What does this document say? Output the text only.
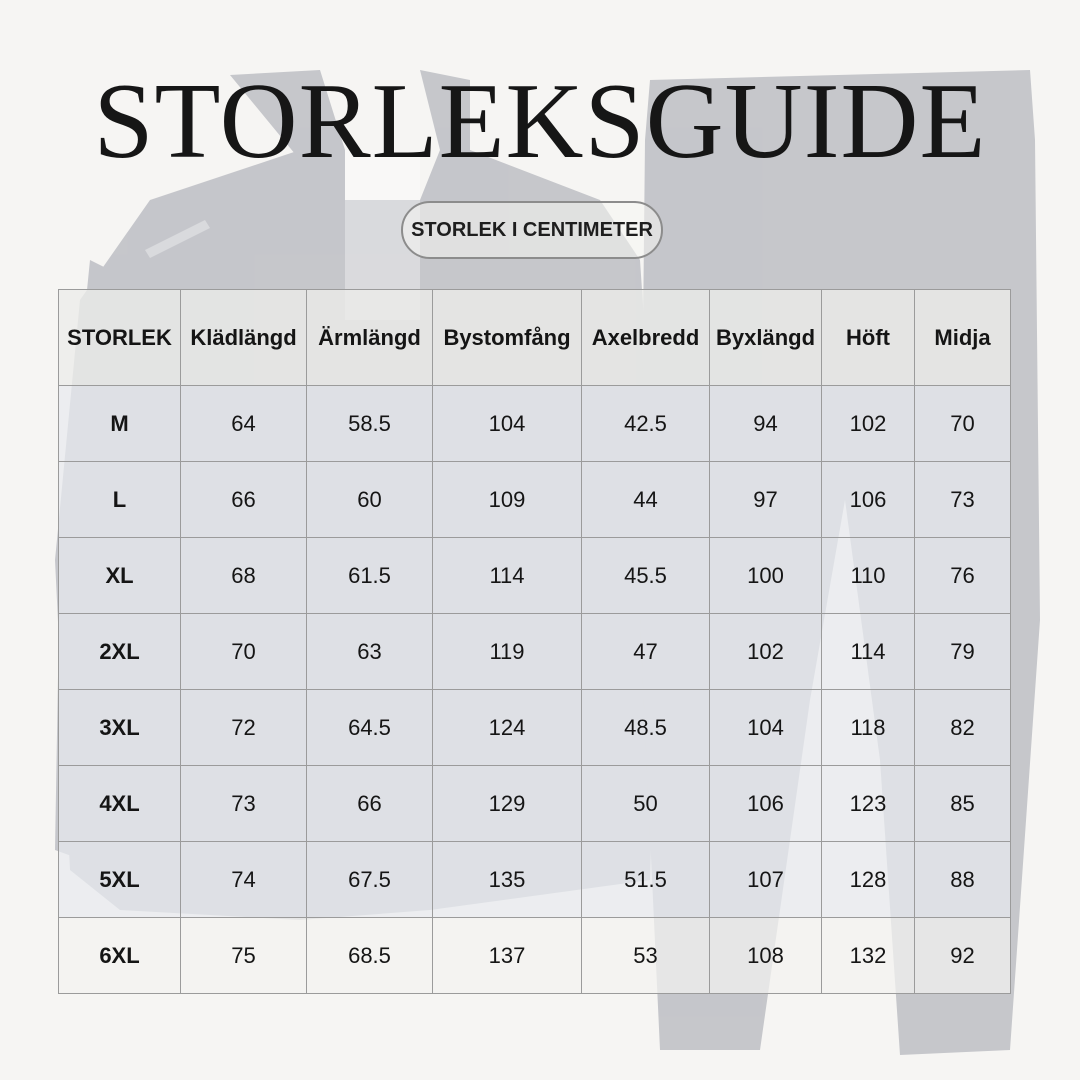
STORLEKSGUIDE
STORLEK I CENTIMETER
STORLEK	Klädlängd	Ärmlängd	Bystomfång	Axelbredd	Byxlängd	Höft	Midja
M	64	58.5	104	42.5	94	102	70
L	66	60	109	44	97	106	73
XL	68	61.5	114	45.5	100	110	76
2XL	70	63	119	47	102	114	79
3XL	72	64.5	124	48.5	104	118	82
4XL	73	66	129	50	106	123	85
5XL	74	67.5	135	51.5	107	128	88
6XL	75	68.5	137	53	108	132	92
